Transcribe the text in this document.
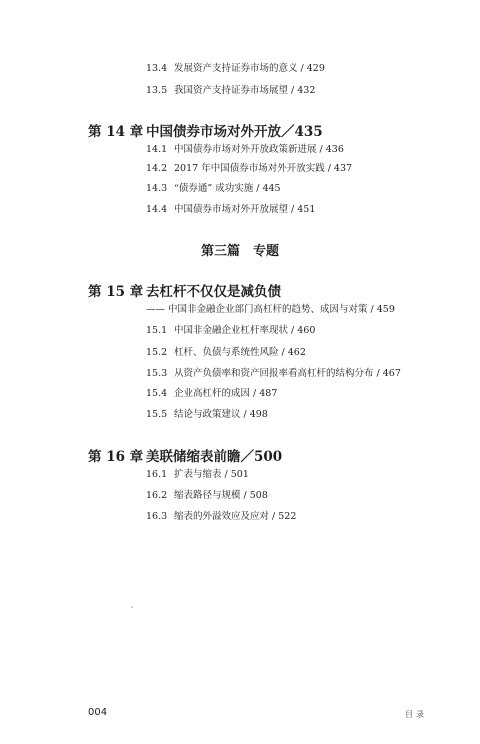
13.4 发展资产支持证券市场的意义 / 429
13.5 我国资产支持证券市场展望 / 432
第 14 章 中国债券市场对外开放／435
14.1 中国债券市场对外开放政策新进展 / 436
14.2 2017 年中国债券市场对外开放实践 / 437
14.3 “债券通” 成功实施 / 445
14.4 中国债券市场对外开放展望 / 451
第三篇　专题
第 15 章 去杠杆不仅仅是减负债
—— 中国非金融企业部门高杠杆的趋势、成因与对策 / 459
15.1 中国非金融企业杠杆率现状 / 460
15.2 杠杆、负债与系统性风险 / 462
15.3 从资产负债率和资产回报率看高杠杆的结构分布 / 467
15.4 企业高杠杆的成因 / 487
15.5 结论与政策建议 / 498
第 16 章 美联储缩表前瞻／500
16.1 扩表与缩表 / 501
16.2 缩表路径与规模 / 508
16.3 缩表的外溢效应及应对 / 522
004	目录
